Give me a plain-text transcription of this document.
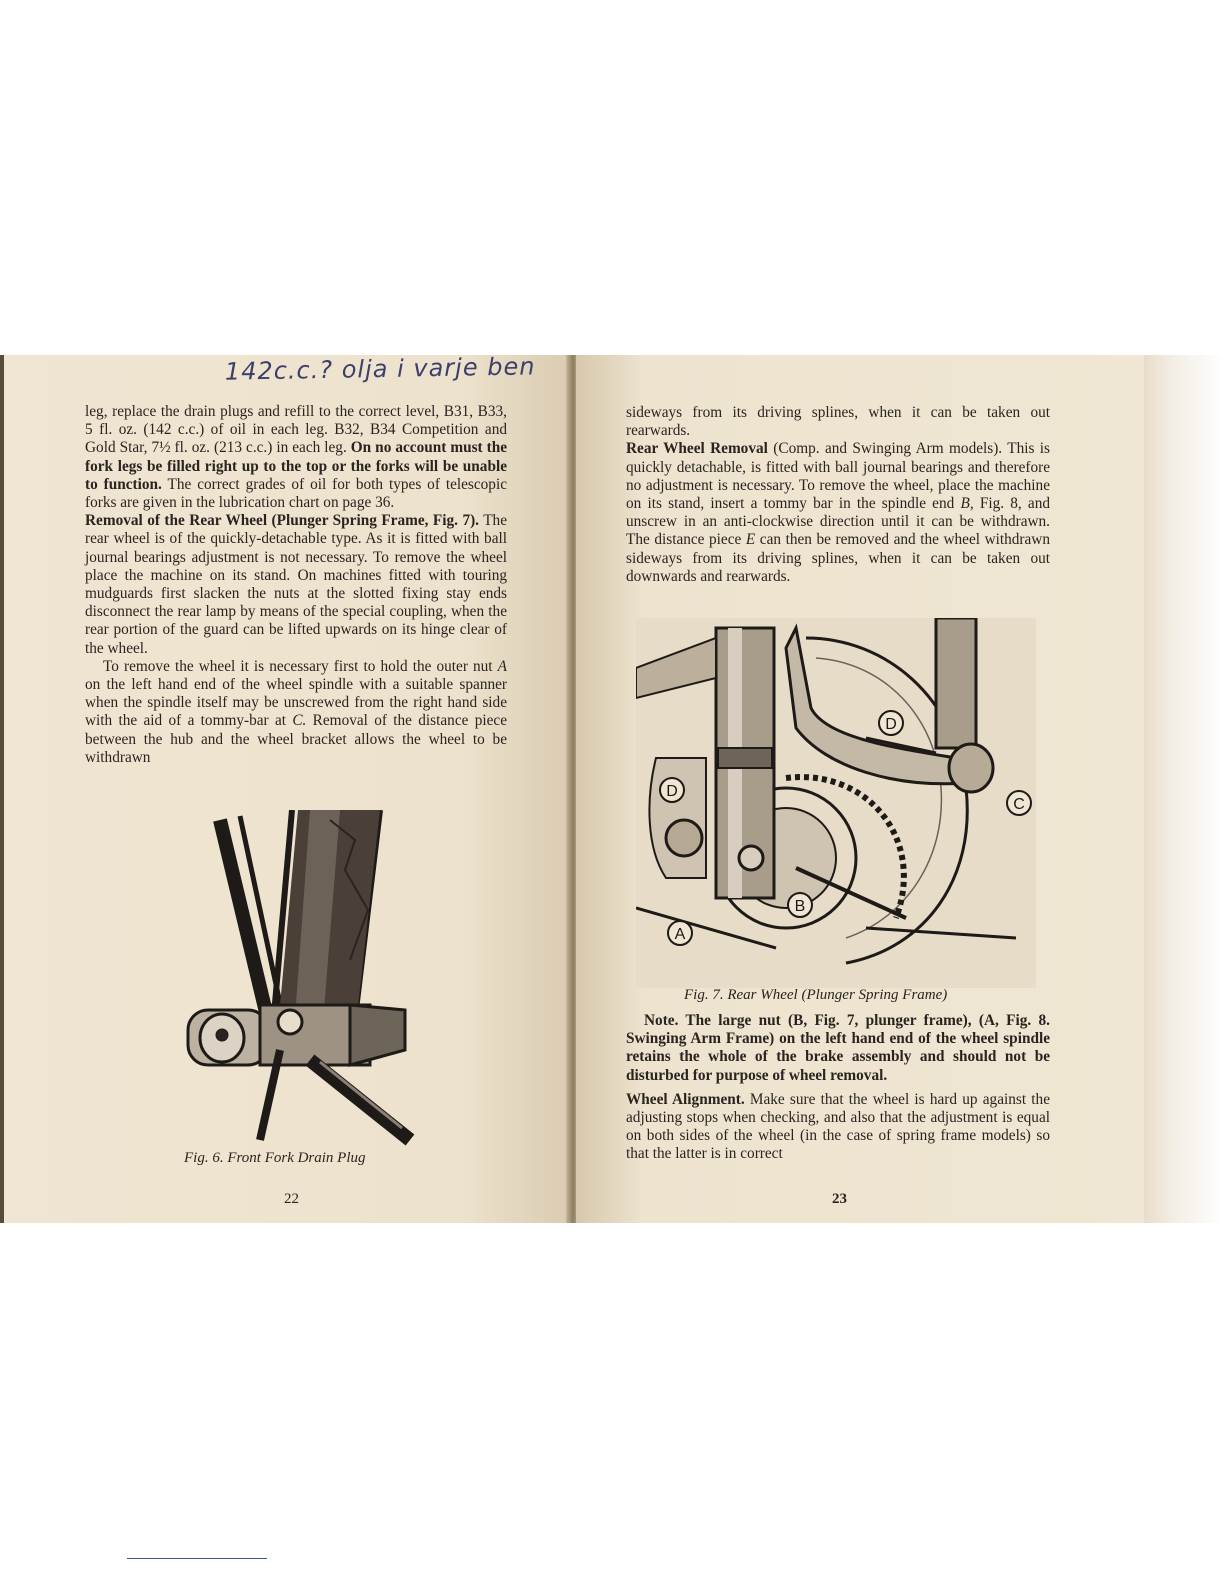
142c.c.? olja i varje ben

leg, replace the drain plugs and refill to the correct level, B31, B33, 5 fl. oz. (142 c.c.) of oil in each leg. B32, B34 Competition and Gold Star, 7½ fl. oz. (213 c.c.) in each leg. On no account must the fork legs be filled right up to the top or the forks will be unable to function. The correct grades of oil for both types of telescopic forks are given in the lubrication chart on page 36.

Removal of the Rear Wheel (Plunger Spring Frame, Fig. 7). The rear wheel is of the quickly-detachable type. As it is fitted with ball journal bearings adjustment is not necessary. To remove the wheel place the machine on its stand. On machines fitted with touring mudguards first slacken the nuts at the slotted fixing stay ends disconnect the rear lamp by means of the special coupling, when the rear portion of the guard can be lifted upwards on its hinge clear of the wheel.

To remove the wheel it is necessary first to hold the outer nut A on the left hand end of the wheel spindle with a suitable spanner when the spindle itself may be unscrewed from the right hand side with the aid of a tommy-bar at C. Removal of the distance piece between the hub and the wheel bracket allows the wheel to be withdrawn

Fig. 6. Front Fork Drain Plug
22

sideways from its driving splines, when it can be taken out rearwards.

Rear Wheel Removal (Comp. and Swinging Arm models). This is quickly detachable, is fitted with ball journal bearings and therefore no adjustment is necessary. To remove the wheel, place the machine on its stand, insert a tommy bar in the spindle end B, Fig. 8, and unscrew in an anti-clockwise direction until it can be withdrawn. The distance piece E can then be removed and the wheel withdrawn sideways from its driving splines, when it can be taken out downwards and rearwards.

D
D
C
B
A
Fig. 7. Rear Wheel (Plunger Spring Frame)

Note. The large nut (B, Fig. 7, plunger frame), (A, Fig. 8. Swinging Arm Frame) on the left hand end of the wheel spindle retains the whole of the brake assembly and should not be disturbed for purpose of wheel removal.

Wheel Alignment. Make sure that the wheel is hard up against the adjusting stops when checking, and also that the adjustment is equal on both sides of the wheel (in the case of spring frame models) so that the latter is in correct

23
